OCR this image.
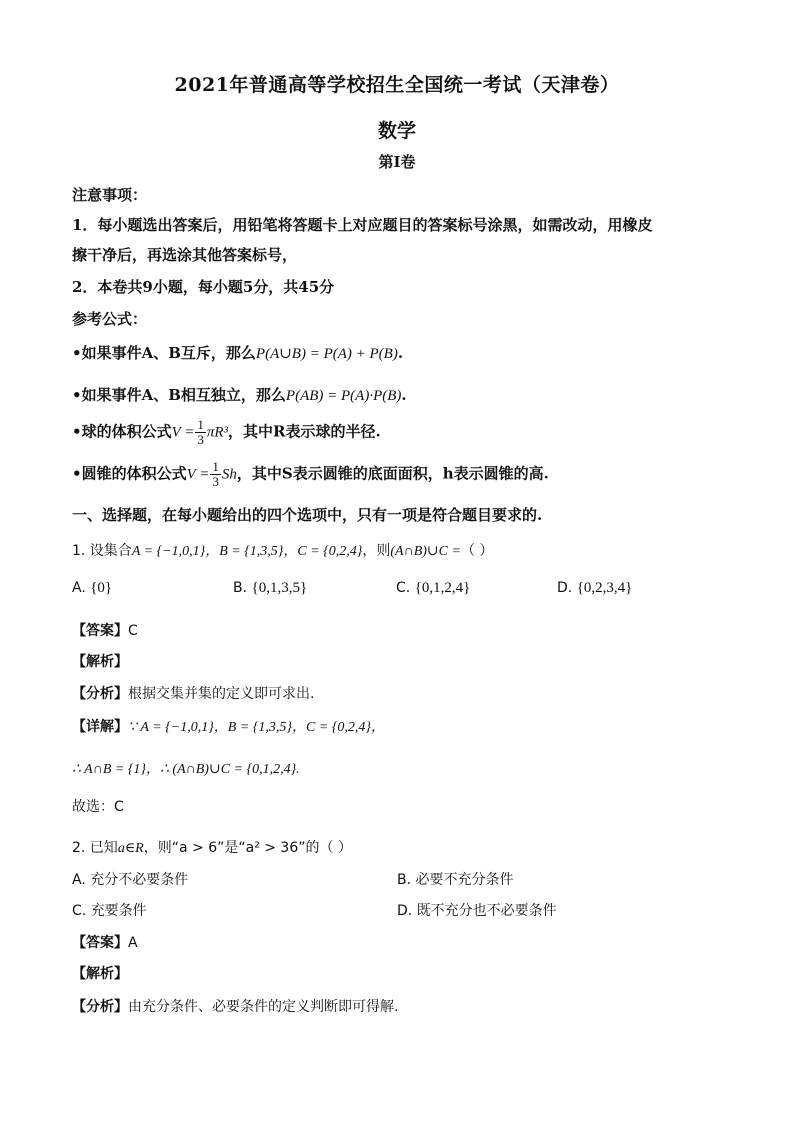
2021年普通高等学校招生全国统一考试（天津卷）
数学
第I卷
注意事项：
1．每小题选出答案后，用铅笔将答题卡上对应题目的答案标号涂黑，如需改动，用橡皮
擦干净后，再选涂其他答案标号，
2．本卷共9小题，每小题5分，共45分
参考公式：
•如果事件A、B互斥，那么P(A∪B) = P(A) + P(B).
•如果事件A、B相互独立，那么P(AB) = P(A)·P(B).
•球的体积公式$V = \frac{1}{3} \pi R^3$，其中R表示球的半径.
•圆锥的体积公式$V = \frac{1}{3}$ Sh，其中S表示圆锥的底面面积，h表示圆锥的高.
一、选择题，在每小题给出的四个选项中，只有一项是符合题目要求的.
1. 设集合A = {−1,0,1}，B = {1,3,5}，C = {0,2,4}，则(A∩B)∪C =（ ）
A. {0}	B. {0,1,3,5}	C. {0,1,2,4}	D. {0,2,3,4}
【答案】C
【解析】
【分析】根据交集并集的定义即可求出.
【详解】∵ A = {−1,0,1}，B = {1,3,5}，C = {0,2,4}，
∴ A∩B = {1}，∴ (A∩B)∪C = {0,1,2,4}.
故选：C
2. 已知a∈R，则“a > 6”是“a² > 36”的（ ）
A. 充分不必要条件	B. 必要不充分条件
C. 充要条件	D. 既不充分也不必要条件
【答案】A
【解析】
【分析】由充分条件、必要条件的定义判断即可得解.
